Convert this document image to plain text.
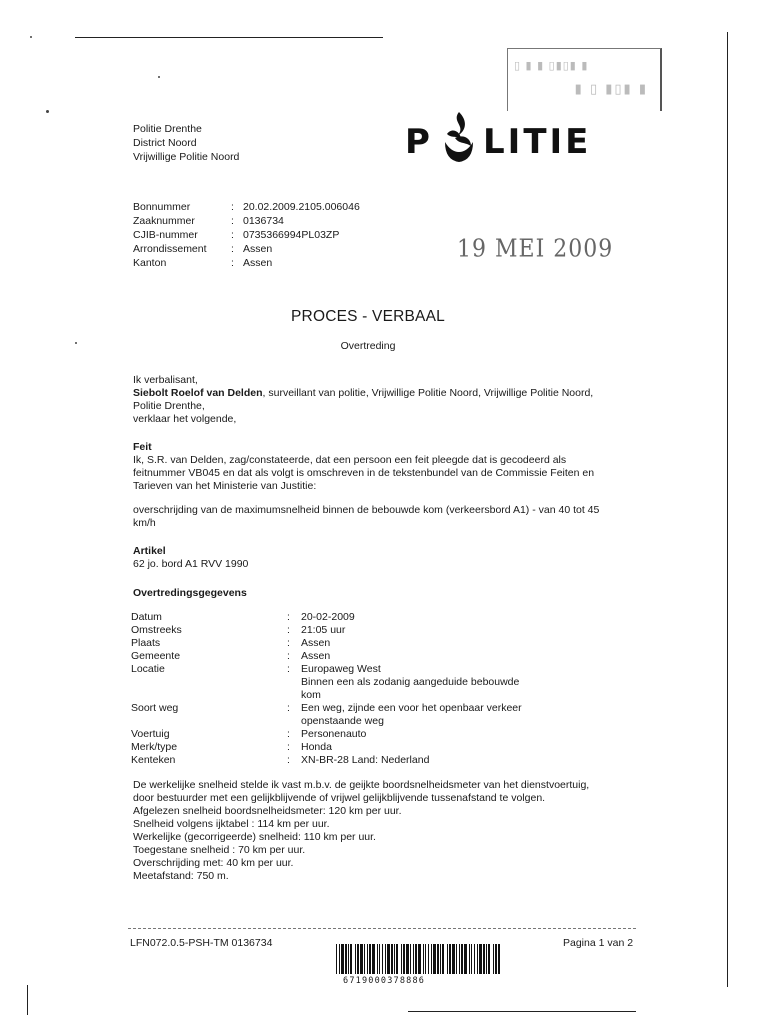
▯ ▮ ▮ ▯▮▯▮ ▮
▮ ▯ ▮▯▮ ▮
Politie Drenthe
District Noord
Vrijwillige Politie Noord	P LITIE
Bonnummer	: 20.02.2009.2105.006046
Zaaknummer	: 0136734
CJIB-nummer	: 0735366994PL03ZP
Arrondissement	: Assen
Kanton	: Assen	19 MEI 2009
PROCES - VERBAAL
Overtreding
Ik verbalisant,
Siebolt Roelof van Delden, surveillant van politie, Vrijwillige Politie Noord, Vrijwillige Politie Noord,
Politie Drenthe,
verklaar het volgende,
Feit
Ik, S.R. van Delden, zag/constateerde, dat een persoon een feit pleegde dat is gecodeerd als
feitnummer VB045 en dat als volgt is omschreven in de tekstenbundel van de Commissie Feiten en
Tarieven van het Ministerie van Justitie:
overschrijding van de maximumsnelheid binnen de bebouwde kom (verkeersbord A1) - van 40 tot 45
km/h
Artikel
62 jo. bord A1 RVV 1990
Overtredingsgegevens
Datum	:	20-02-2009
Omstreeks	:	21:05 uur
Plaats	:	Assen
Gemeente	:	Assen
Locatie	:	Europaweg West
Binnen een als zodanig aangeduide bebouwde
kom
Soort weg	:	Een weg, zijnde een voor het openbaar verkeer
openstaande weg
Voertuig	:	Personenauto
Merk/type	:	Honda
Kenteken	:	XN-BR-28 Land: Nederland
De werkelijke snelheid stelde ik vast m.b.v. de geijkte boordsnelheidsmeter van het dienstvoertuig,
door bestuurder met een gelijkblijvende of vrijwel gelijkblijvende tussenafstand te volgen.
Afgelezen snelheid boordsnelheidsmeter: 120 km per uur.
Snelheid volgens ijktabel : 114 km per uur.
Werkelijke (gecorrigeerde) snelheid: 110 km per uur.
Toegestane snelheid : 70 km per uur.
Overschrijding met: 40 km per uur.
Meetafstand: 750 m.
LFN072.0.5-PSH-TM 0136734	Pagina 1 van 2
6719000378886
